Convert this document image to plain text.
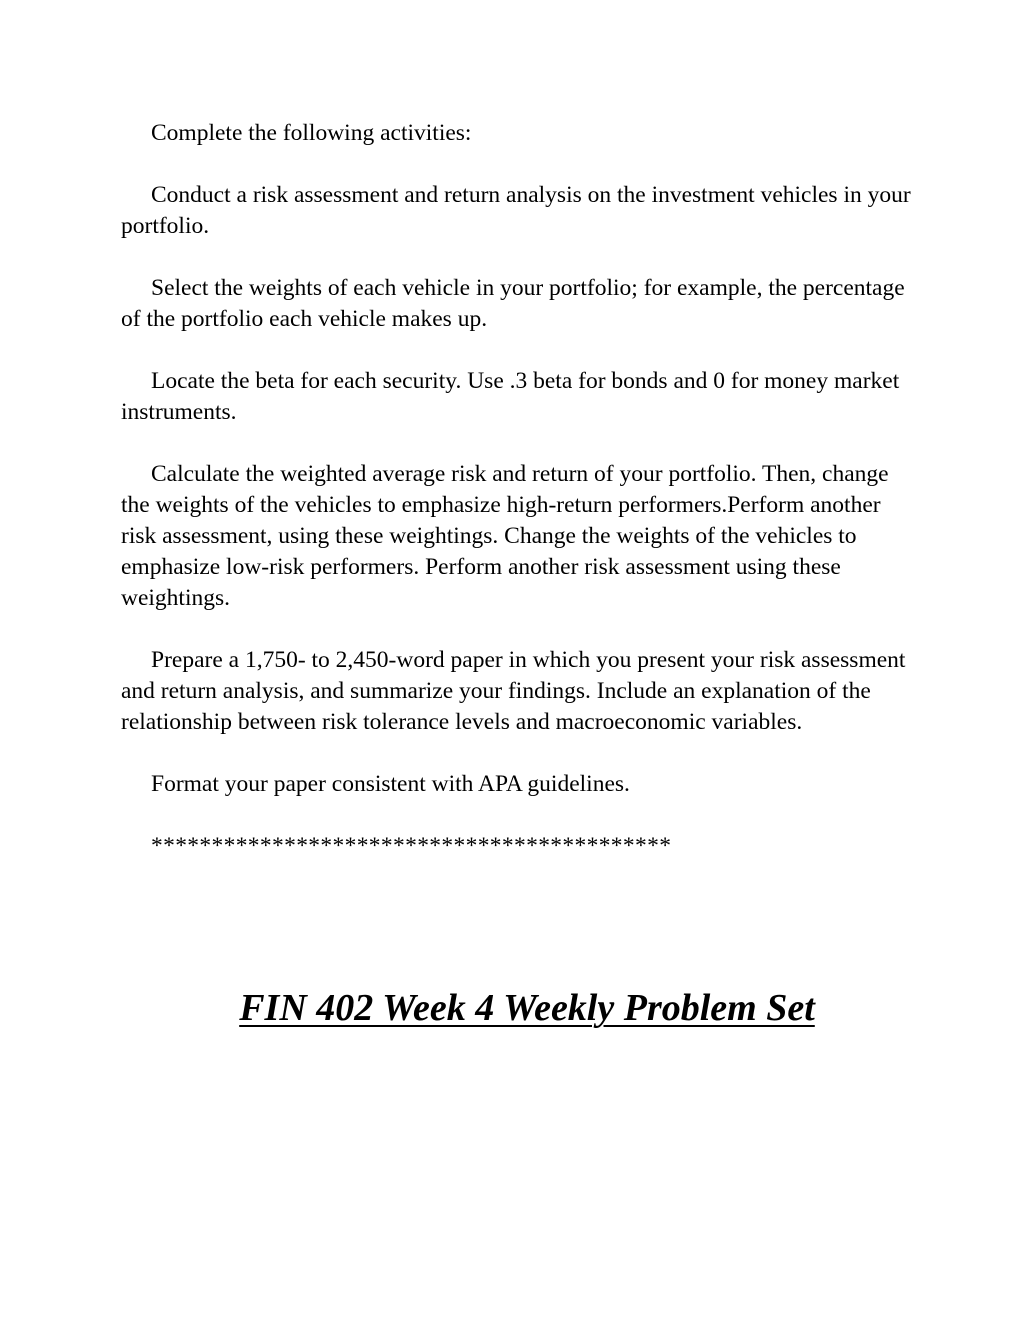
Complete the following activities:

Conduct a risk assessment and return analysis on the investment vehicles in your portfolio.

Select the weights of each vehicle in your portfolio; for example, the percentage of the portfolio each vehicle makes up.

Locate the beta for each security. Use .3 beta for bonds and 0 for money market instruments.

Calculate the weighted average risk and return of your portfolio. Then, change the weights of the vehicles to emphasize high-return performers.Perform another risk assessment, using these weightings. Change the weights of the vehicles to emphasize low-risk performers. Perform another risk assessment using these weightings.

Prepare a 1,750- to 2,450-word paper in which you present your risk assessment and return analysis, and summarize your findings. Include an explanation of the relationship between risk tolerance levels and macroeconomic variables.

Format your paper consistent with APA guidelines.

*******************************************

FIN 402 Week 4 Weekly Problem Set
